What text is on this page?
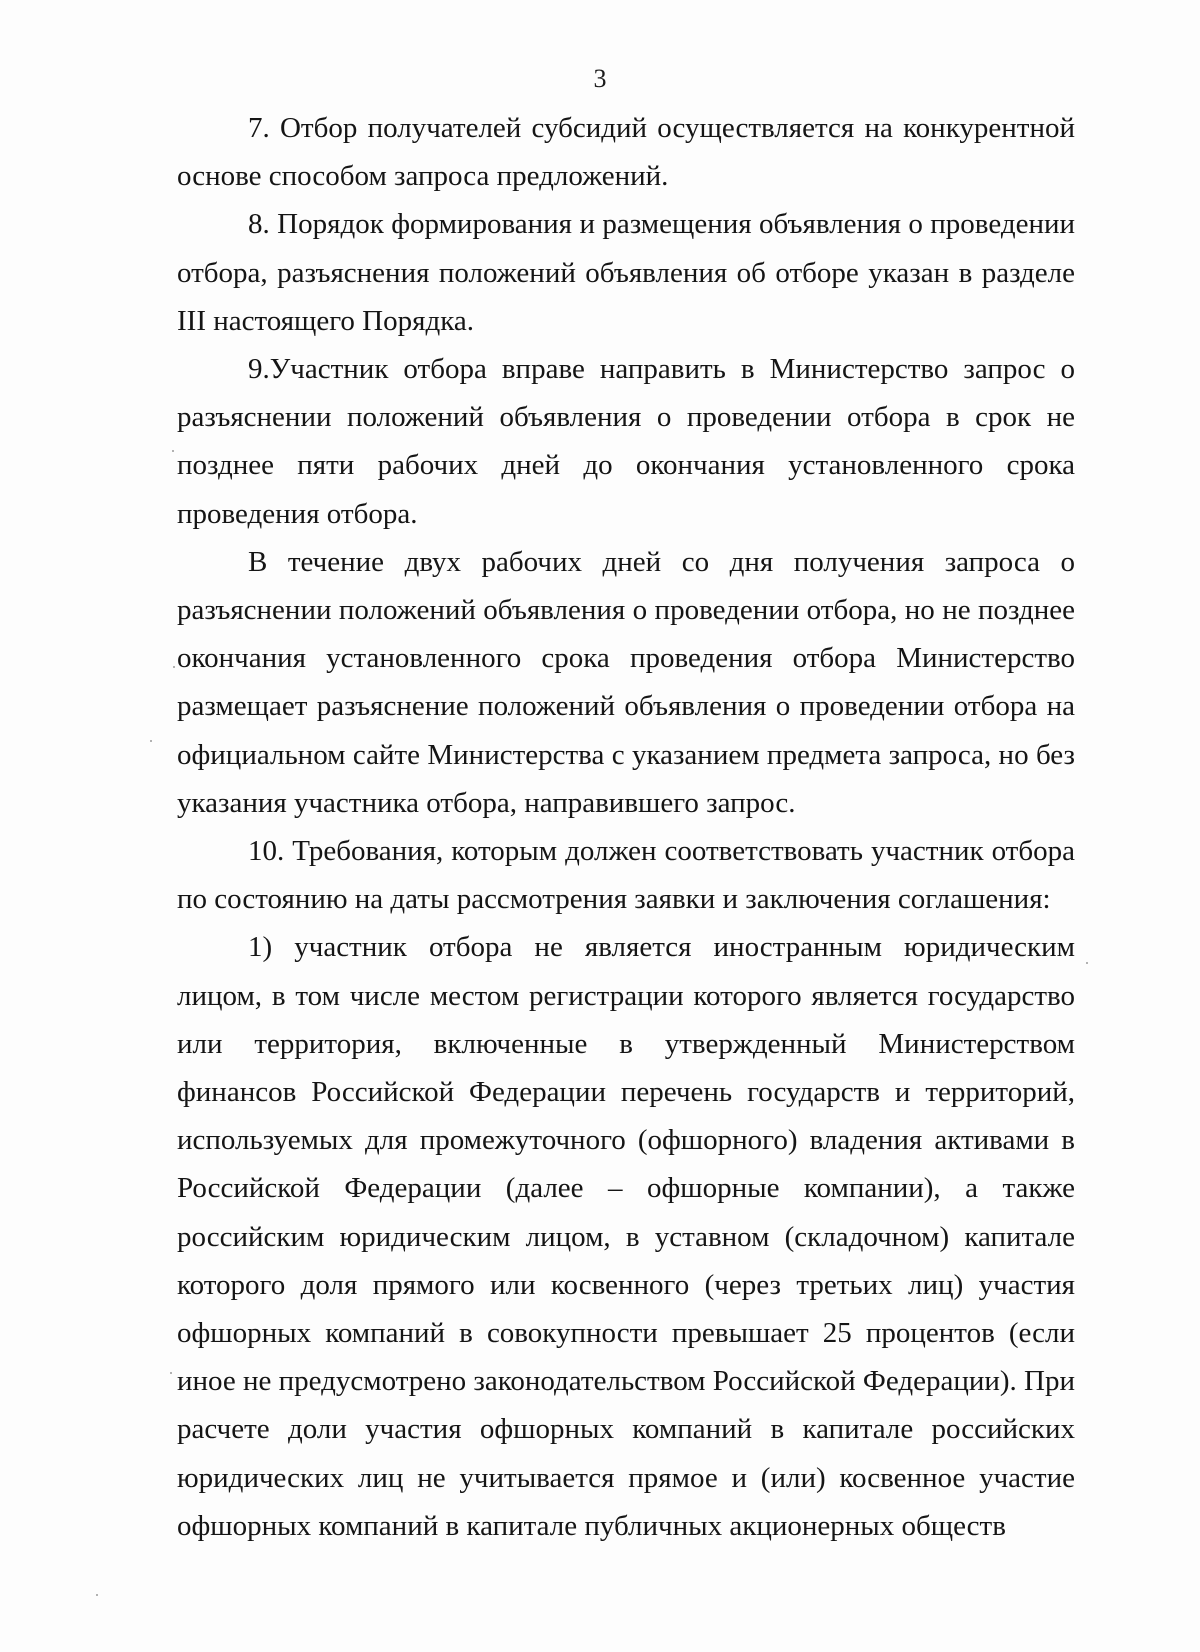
3

7. Отбор получателей субсидий осуществляется на конкурентной основе способом запроса предложений.

8. Порядок формирования и размещения объявления о проведении отбора, разъяснения положений объявления об отборе указан в разделе III настоящего Порядка.

9.Участник отбора вправе направить в Министерство запрос о разъяснении положений объявления о проведении отбора в срок не позднее пяти рабочих дней до окончания установленного срока проведения отбора.

В течение двух рабочих дней со дня получения запроса о разъяснении положений объявления о проведении отбора, но не позднее окончания установленного срока проведения отбора Министерство размещает разъяснение положений объявления о проведении отбора на официальном сайте Министерства с указанием предмета запроса, но без указания участника отбора, направившего запрос.

10. Требования, которым должен соответствовать участник отбора по состоянию на даты рассмотрения заявки и заключения соглашения:

1) участник отбора не является иностранным юридическим лицом, в том числе местом регистрации которого является государство или территория, включенные в утвержденный Министерством финансов Российской Федерации перечень государств и территорий, используемых для промежуточного (офшорного) владения активами в Российской Федерации (далее – офшорные компании), а также российским юридическим лицом, в уставном (складочном) капитале которого доля прямого или косвенного (через третьих лиц) участия офшорных компаний в совокупности превышает 25 процентов (если иное не предусмотрено законодательством Российской Федерации). При расчете доли участия офшорных компаний в капитале российских юридических лиц не учитывается прямое и (или) косвенное участие офшорных компаний в капитале публичных акционерных обществ
